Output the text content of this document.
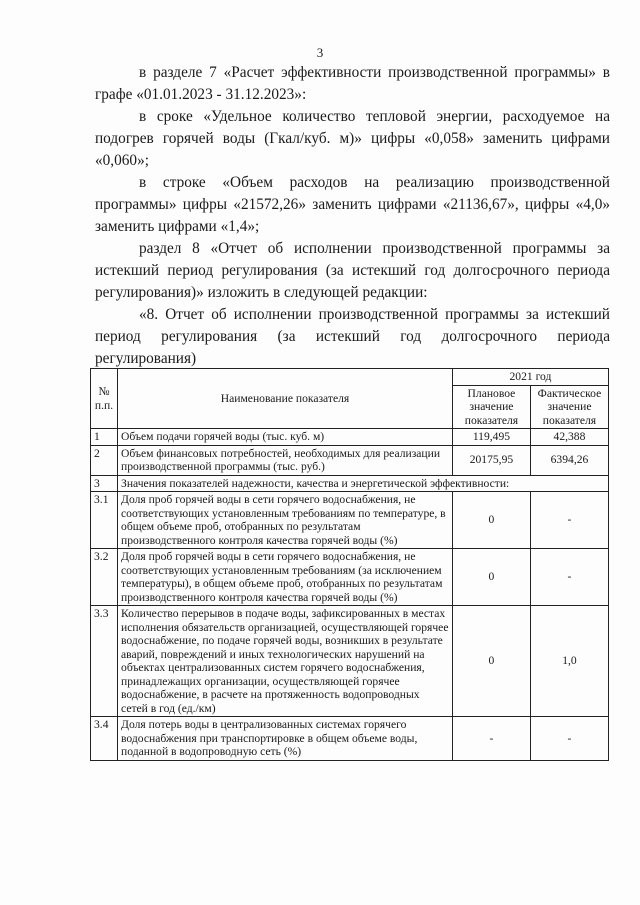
3
в разделе 7 «Расчет эффективности производственной программы» в графе «01.01.2023 - 31.12.2023»:
в сроке «Удельное количество тепловой энергии, расходуемое на подогрев горячей воды (Гкал/куб. м)» цифры «0,058» заменить цифрами «0,060»;
в строке «Объем расходов на реализацию производственной программы» цифры «21572,26» заменить цифрами «21136,67», цифры «4,0» заменить цифрами «1,4»;
раздел 8 «Отчет об исполнении производственной программы за истекший период регулирования (за истекший год долгосрочного периода регулирования)» изложить в следующей редакции:
«8. Отчет об исполнении производственной программы за истекший период регулирования (за истекший год долгосрочного периода регулирования)
№ п.п.	Наименование показателя	2021 год	
		Плановое значение показателя	Фактическое значение показателя
1	Объем подачи горячей воды (тыс. куб. м)	119,495	42,388
2	Объем финансовых потребностей, необходимых для реализации производственной программы (тыс. руб.)	20175,95	6394,26
3	Значения показателей надежности, качества и энергетической эффективности:		
3.1	Доля проб горячей воды в сети горячего водоснабжения, не соответствующих установленным требованиям по температуре, в общем объеме проб, отобранных по результатам производственного контроля качества горячей воды (%)	0	-
3.2	Доля проб горячей воды в сети горячего водоснабжения, не соответствующих установленным требованиям (за исключением температуры), в общем объеме проб, отобранных по результатам производственного контроля качества горячей воды (%)	0	-
3.3	Количество перерывов в подаче воды, зафиксированных в местах исполнения обязательств организацией, осуществляющей горячее водоснабжение, по подаче горячей воды, возникших в результате аварий, повреждений и иных технологических нарушений на объектах централизованных систем горячего водоснабжения, принадлежащих организации, осуществляющей горячее водоснабжение, в расчете на протяженность водопроводных сетей в год (ед./км)	0	1,0
3.4	Доля потерь воды в централизованных системах горячего водоснабжения при транспортировке в общем объеме воды, поданной в водопроводную сеть (%)	-	-
